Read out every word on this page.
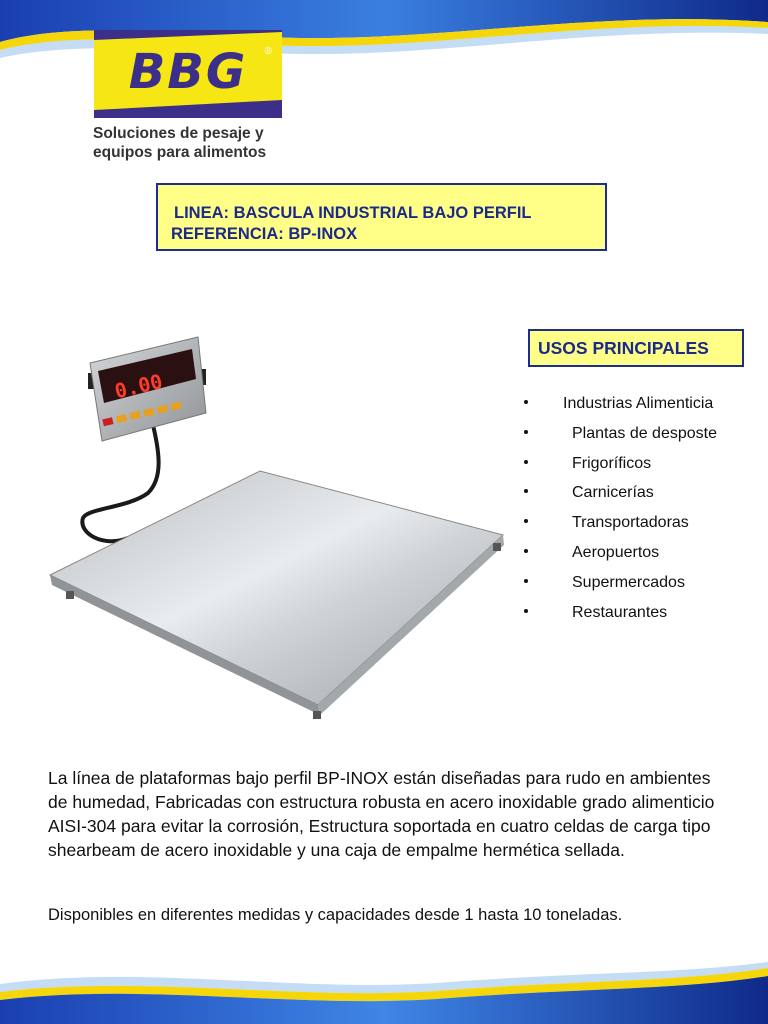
BBG	®
Soluciones de pesaje y
equipos para alimentos
LINEA: BASCULA INDUSTRIAL BAJO PERFIL
REFERENCIA: BP-INOX
0.00
USOS PRINCIPALES
Industrias Alimenticia
Plantas de desposte
Frigoríficos
Carnicerías
Transportadoras
Aeropuertos
Supermercados
Restaurantes
La línea de plataformas bajo perfil BP-INOX están diseñadas para rudo en ambientes de humedad, Fabricadas con estructura robusta en acero inoxidable grado alimenticio AISI-304 para evitar la corrosión, Estructura soportada en cuatro celdas de carga tipo shearbeam de acero inoxidable y una caja de empalme hermética sellada.
Disponibles en diferentes medidas y capacidades desde 1 hasta 10 toneladas.
